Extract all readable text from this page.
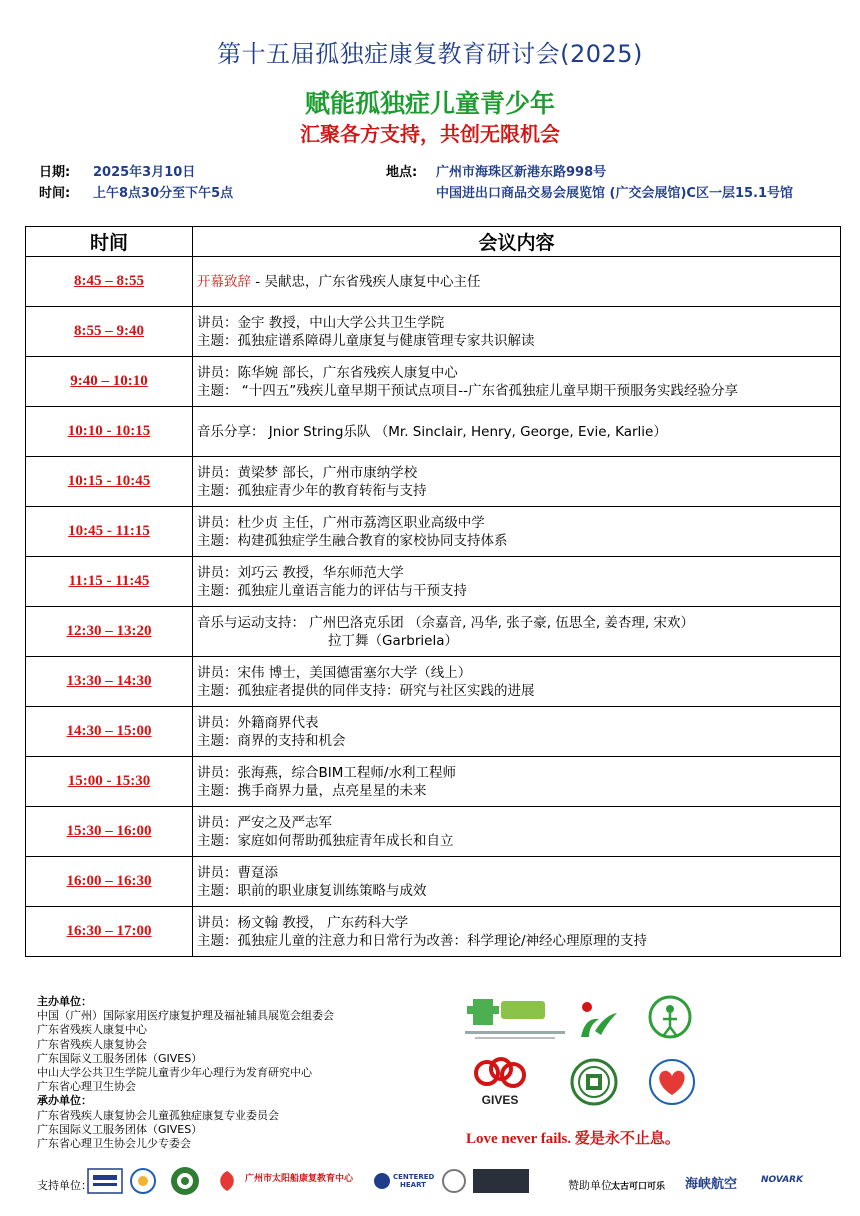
第十五届孤独症康复教育研讨会(2025)
赋能孤独症儿童青少年
汇聚各方支持，共创无限机会
日期: 2025年3月10日
时间: 上午8点30分至下午5点
地点: 广州市海珠区新港东路998号
中国进出口商品交易会展览馆 (广交会展馆)C区一层15.1号馆
时间	会议内容
8:45 – 8:55	开幕致辞 - 吴献忠，广东省残疾人康复中心主任

8:55 – 9:40	讲员：金宇 教授，中山大学公共卫生学院
主题：孤独症谱系障碍儿童康复与健康管理专家共识解读

9:40 – 10:10	讲员：陈华婉 部长，广东省残疾人康复中心
主题： “十四五”残疾儿童早期干预试点项目--广东省孤独症儿童早期干预服务实践经验分享

10:10 - 10:15	音乐分享： Jnior String乐队 （Mr. Sinclair, Henry, George, Evie, Karlie）

10:15 - 10:45	讲员：黄梁梦 部长，广州市康纳学校
主题：孤独症青少年的教育转衔与支持

10:45 - 11:15	讲员：杜少贞 主任，广州市荔湾区职业高级中学
主题：构建孤独症学生融合教育的家校协同支持体系

11:15 - 11:45	讲员：刘巧云 教授，华东师范大学
主题：孤独症儿童语言能力的评估与干预支持

12:30 – 13:20	音乐与运动支持： 广州巴洛克乐团 （佘嘉音, 冯华, 张子豪, 伍思全, 姜杏理, 宋欢）
拉丁舞（Garbriela）

13:30 – 14:30	讲员：宋伟 博士，美国德雷塞尔大学（线上）
主题：孤独症者提供的同伴支持：研究与社区实践的进展

14:30 – 15:00	讲员：外籍商界代表
主题：商界的支持和机会

15:00 - 15:30	讲员：张海燕，综合BIM工程师/水利工程师
主题：携手商界力量，点亮星星的未来

15:30 – 16:00	讲员：严安之及严志军
主题：家庭如何帮助孤独症青年成长和自立

16:00 – 16:30	讲员：曹趸添
主题：职前的职业康复训练策略与成效

16:30 – 17:00	讲员：杨文翰 教授， 广东药科大学
主题：孤独症儿童的注意力和日常行为改善：科学理论/神经心理原理的支持
主办单位：
中国（广州）国际家用医疗康复护理及福祉辅具展览会组委会
广东省残疾人康复中心
广东省残疾人康复协会
广东国际义工服务团体（GIVES）
中山大学公共卫生学院儿童青少年心理行为发育研究中心
广东省心理卫生协会
承办单位：
广东省残疾人康复协会儿童孤独症康复专业委员会
广东国际义工服务团体（GIVES）
广东省心理卫生协会儿少专委会
GIVES
Love never fails. 爱是永不止息。
支持单位：	广州市太阳船康复教育中心	CENTERED HEART	赞助单位 太古可口可乐 海峡航空	NOVARK
